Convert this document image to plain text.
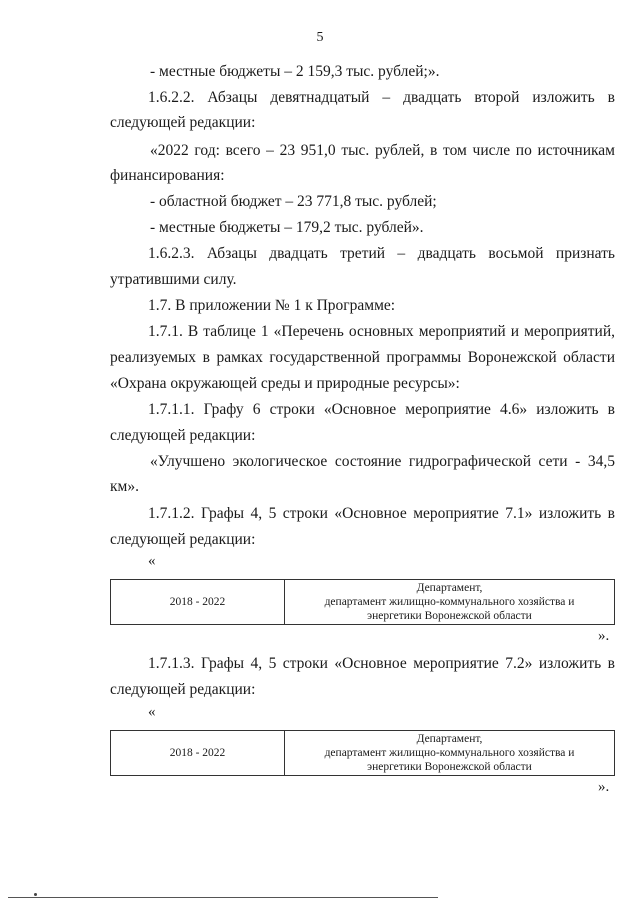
5
- местные бюджеты – 2 159,3 тыс. рублей;».
1.6.2.2. Абзацы девятнадцатый – двадцать второй изложить в
следующей редакции:
«2022 год: всего – 23 951,0 тыс. рублей, в том числе по источникам
финансирования:
- областной бюджет – 23 771,8 тыс. рублей;
- местные бюджеты – 179,2 тыс. рублей».
1.6.2.3. Абзацы двадцать третий – двадцать восьмой признать
утратившими силу.
1.7. В приложении № 1 к Программе:
1.7.1. В таблице 1 «Перечень основных мероприятий и мероприятий,
реализуемых в рамках государственной программы Воронежской области
«Охрана окружающей среды и природные ресурсы»:
1.7.1.1. Графу 6 строки «Основное мероприятие 4.6» изложить в
следующей редакции:
«Улучшено экологическое состояние гидрографической сети - 34,5
км».
1.7.1.2. Графы 4, 5 строки «Основное мероприятие 7.1» изложить в
следующей редакции:
«
2018 - 2022
Департамент,
департамент жилищно-коммунального хозяйства и
энергетики Воронежской области
».
1.7.1.3. Графы 4, 5 строки «Основное мероприятие 7.2» изложить в
следующей редакции:
«
2018 - 2022
Департамент,
департамент жилищно-коммунального хозяйства и
энергетики Воронежской области
».
